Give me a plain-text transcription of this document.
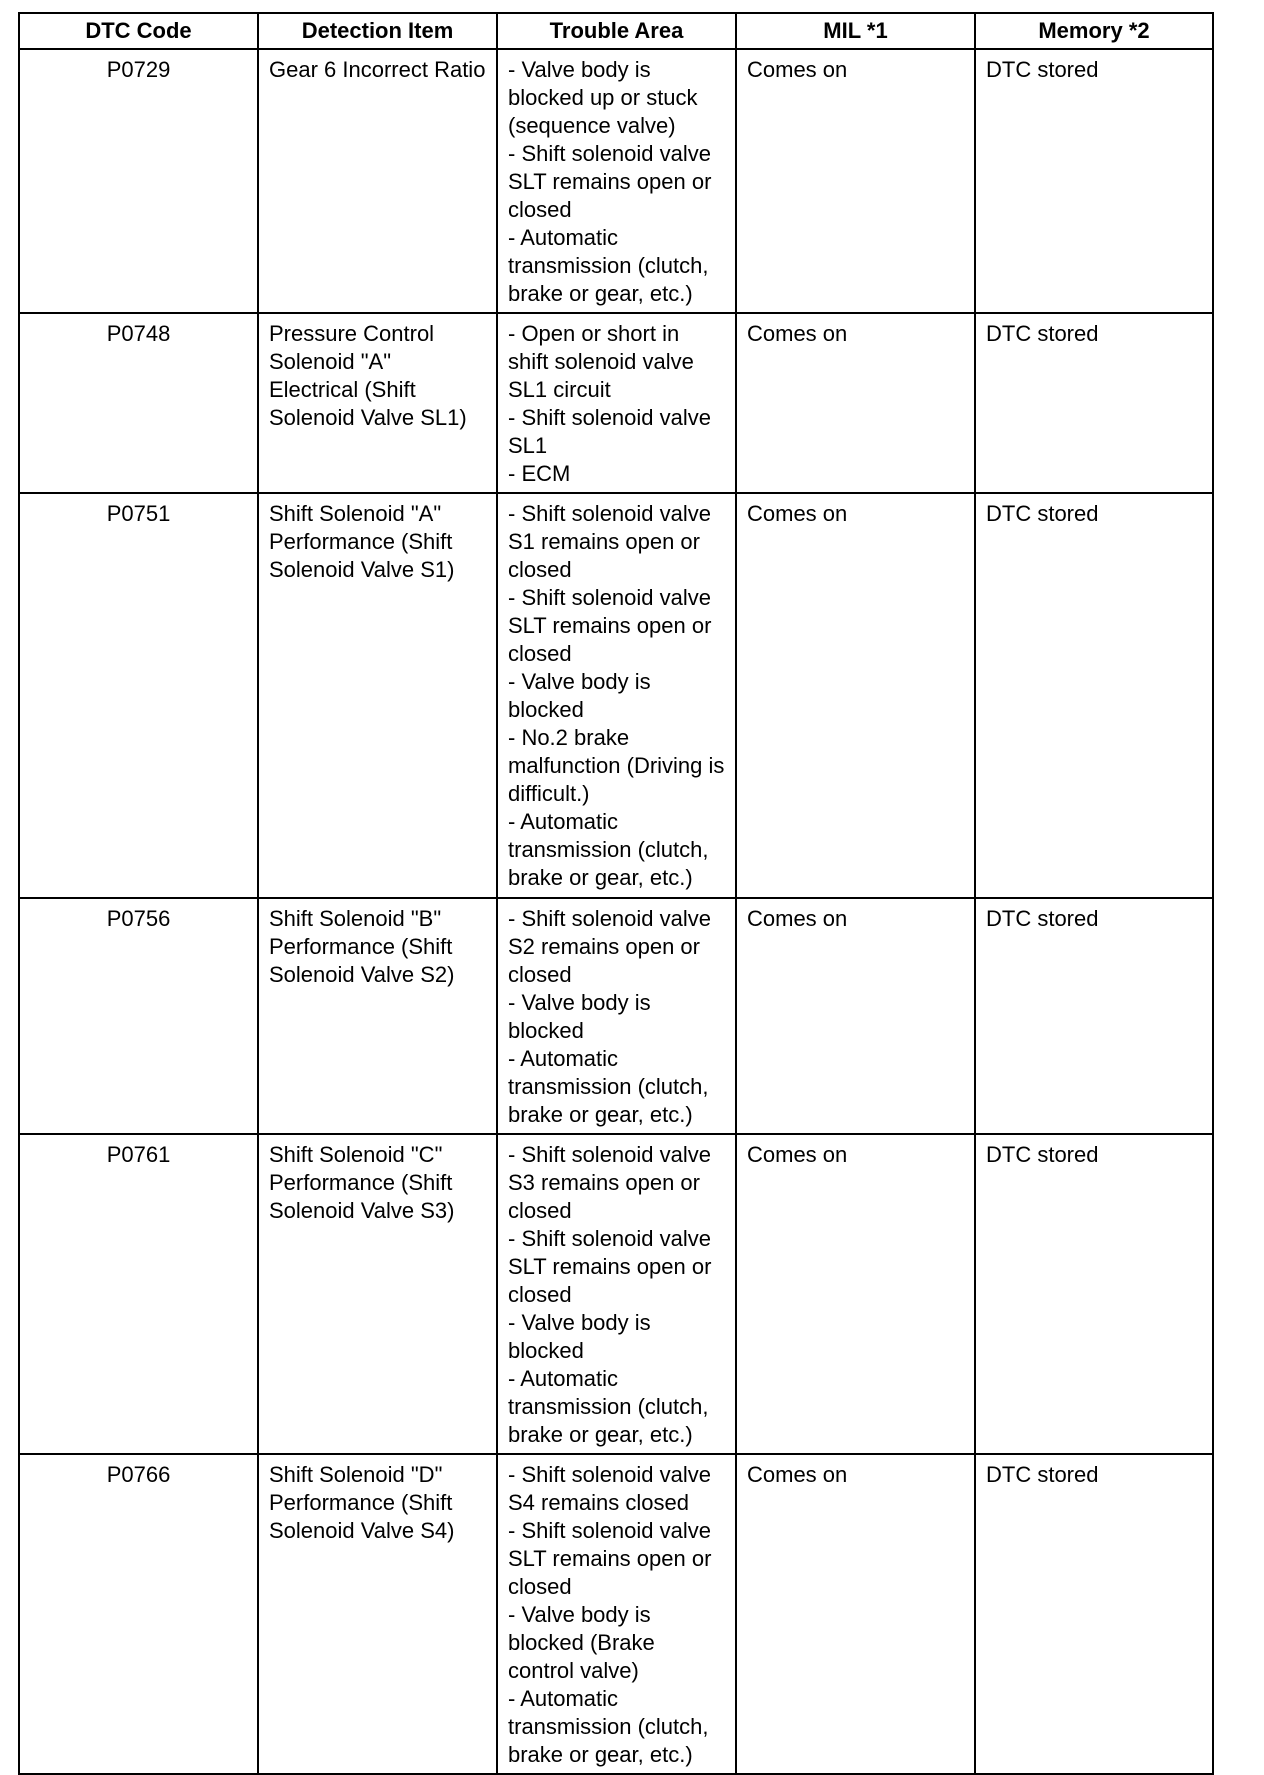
DTC Code	Detection Item	Trouble Area	MIL *1	Memory *2
P0729	Gear 6 Incorrect Ratio	- Valve body is blocked up or stuck (sequence valve)
- Shift solenoid valve SLT remains open or closed
- Automatic transmission (clutch, brake or gear, etc.)	Comes on	DTC stored
P0748	Pressure Control Solenoid "A" Electrical (Shift Solenoid Valve SL1)	- Open or short in shift solenoid valve SL1 circuit
- Shift solenoid valve SL1
- ECM	Comes on	DTC stored
P0751	Shift Solenoid "A" Performance (Shift Solenoid Valve S1)	- Shift solenoid valve S1 remains open or closed
- Shift solenoid valve SLT remains open or closed
- Valve body is blocked
- No.2 brake malfunction (Driving is difficult.)
- Automatic transmission (clutch, brake or gear, etc.)	Comes on	DTC stored
P0756	Shift Solenoid "B" Performance (Shift Solenoid Valve S2)	- Shift solenoid valve S2 remains open or closed
- Valve body is blocked
- Automatic transmission (clutch, brake or gear, etc.)	Comes on	DTC stored
P0761	Shift Solenoid "C" Performance (Shift Solenoid Valve S3)	- Shift solenoid valve S3 remains open or closed
- Shift solenoid valve SLT remains open or closed
- Valve body is blocked
- Automatic transmission (clutch, brake or gear, etc.)	Comes on	DTC stored
P0766	Shift Solenoid "D" Performance (Shift Solenoid Valve S4)	- Shift solenoid valve S4 remains closed
- Shift solenoid valve SLT remains open or closed
- Valve body is blocked (Brake control valve)
- Automatic transmission (clutch, brake or gear, etc.)	Comes on	DTC stored
